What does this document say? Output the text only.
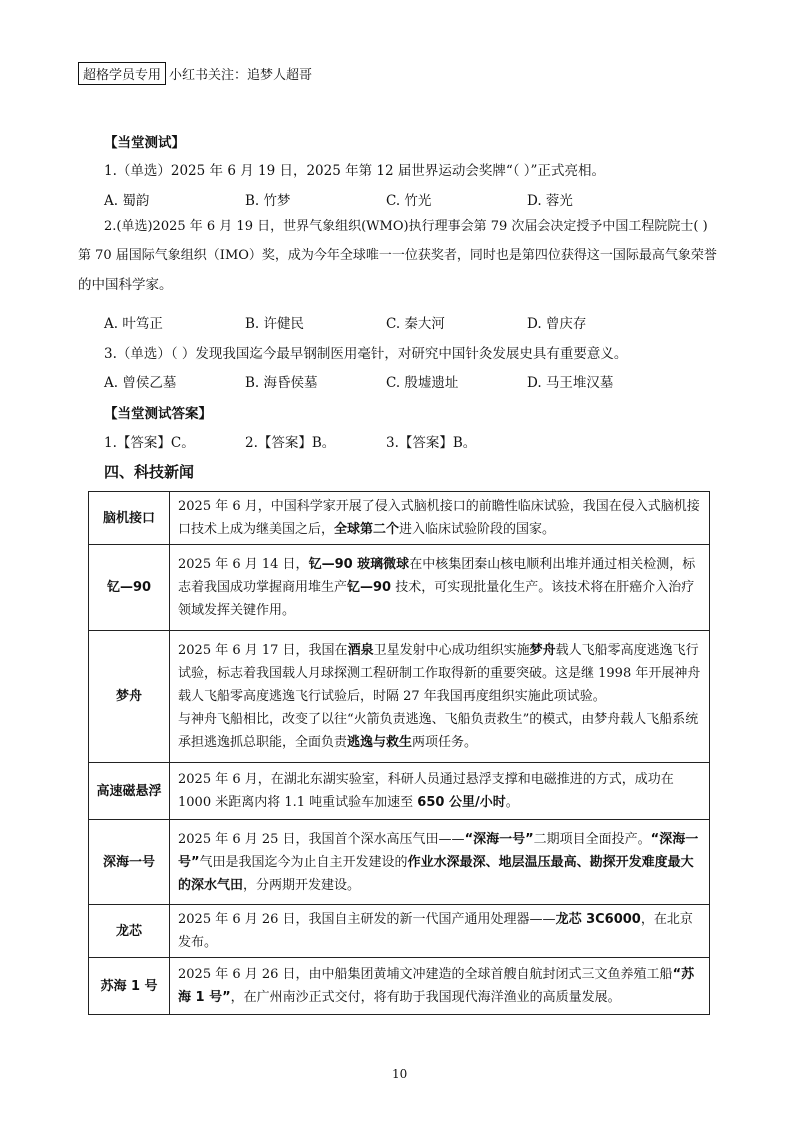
超格学员专用 小红书关注：追梦人超哥
【当堂测试】
1.（单选）2025 年 6 月 19 日，2025 年第 12 届世界运动会奖牌“（ ）”正式亮相。
A. 蜀韵	B. 竹梦	C. 竹光	D. 蓉光
2.(单选)2025 年 6 月 19 日，世界气象组织(WMO)执行理事会第 79 次届会决定授予中国工程院院士( )
第 70 届国际气象组织（IMO）奖，成为今年全球唯一一位获奖者，同时也是第四位获得这一国际最高气象荣誉
的中国科学家。
A. 叶笃正	B. 许健民	C. 秦大河	D. 曾庆存
3.（单选）（ ）发现我国迄今最早钢制医用毫针，对研究中国针灸发展史具有重要意义。
A. 曾侯乙墓	B. 海昏侯墓	C. 殷墟遗址	D. 马王堆汉墓
【当堂测试答案】
1.【答案】C。	2.【答案】B。	3.【答案】B。
四、科技新闻
脑机接口	2025 年 6 月，中国科学家开展了侵入式脑机接口的前瞻性临床试验，我国在侵入式脑机接口技术上成为继美国之后，全球第二个进入临床试验阶段的国家。

钇—90	2025 年 6 月 14 日，钇—90 玻璃微球在中核集团秦山核电顺利出堆并通过相关检测，标志着我国成功掌握商用堆生产钇—90 技术，可实现批量化生产。该技术将在肝癌介入治疗领域发挥关键作用。

梦舟	2025 年 6 月 17 日，我国在酒泉卫星发射中心成功组织实施梦舟载人飞船零高度逃逸飞行试验，标志着我国载人月球探测工程研制工作取得新的重要突破。这是继 1998 年开展神舟载人飞船零高度逃逸飞行试验后，时隔 27 年我国再度组织实施此项试验。
与神舟飞船相比，改变了以往“火箭负责逃逸、飞船负责救生”的模式，由梦舟载人飞船系统承担逃逸抓总职能，全面负责逃逸与救生两项任务。

高速磁悬浮	2025 年 6 月，在湖北东湖实验室，科研人员通过悬浮支撑和电磁推进的方式，成功在 1000 米距离内将 1.1 吨重试验车加速至 650 公里/小时。

深海一号	2025 年 6 月 25 日，我国首个深水高压气田——“深海一号”二期项目全面投产。“深海一号”气田是我国迄今为止自主开发建设的作业水深最深、地层温压最高、勘探开发难度最大的深水气田，分两期开发建设。

龙芯	2025 年 6 月 26 日，我国自主研发的新一代国产通用处理器——龙芯 3C6000，在北京发布。

苏海 1 号	2025 年 6 月 26 日，由中船集团黄埔文冲建造的全球首艘自航封闭式三文鱼养殖工船“苏海 1 号”，在广州南沙正式交付，将有助于我国现代海洋渔业的高质量发展。
10
